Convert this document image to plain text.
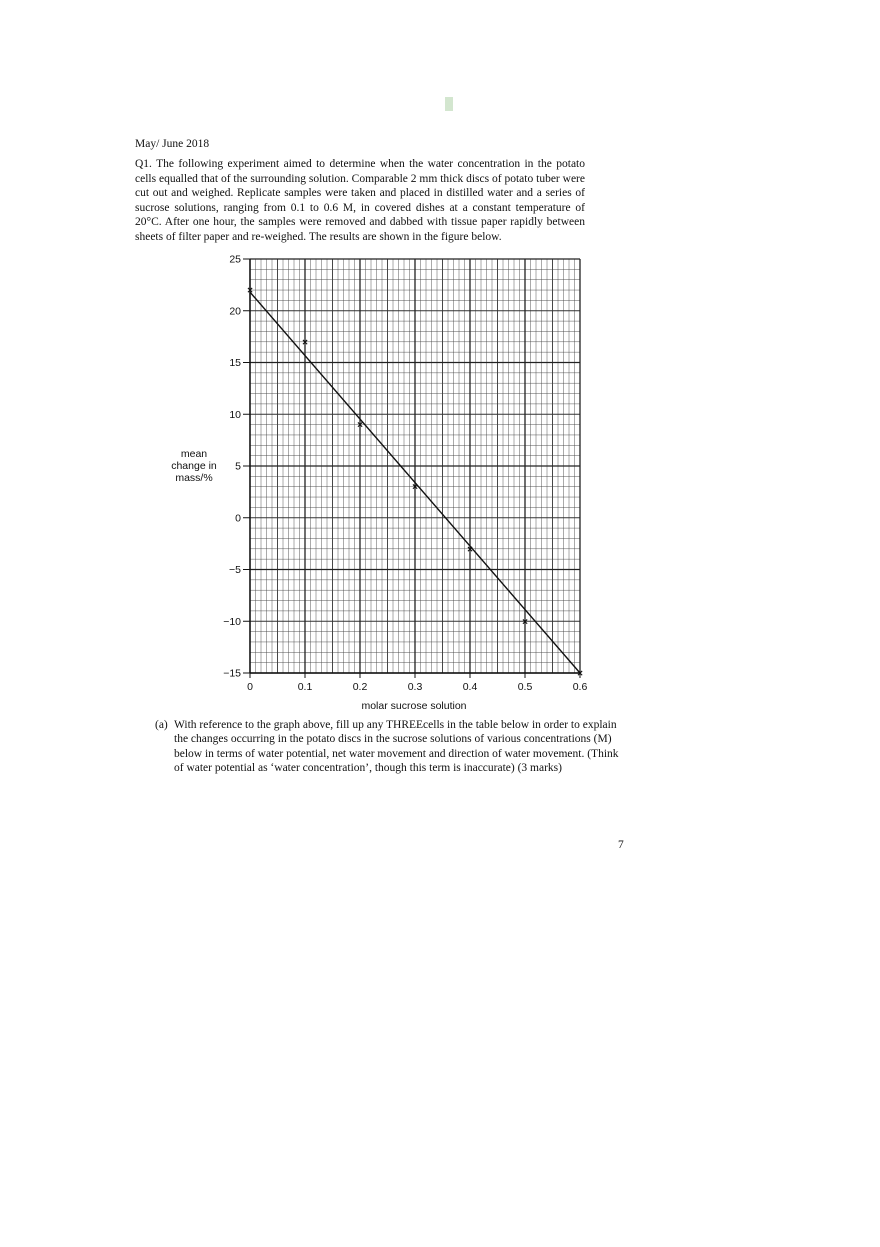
May/ June 2018

Q1. The following experiment aimed to determine when the water concentration in the potato cells equalled that of the surrounding solution. Comparable 2 mm thick discs of potato tuber were cut out and weighed. Replicate samples were taken and placed in distilled water and a series of sucrose solutions, ranging from 0.1 to 0.6 M, in covered dishes at a constant temperature of 20°C. After one hour, the samples were removed and dabbed with tissue paper rapidly between sheets of filter paper and re-weighed. The results are shown in the figure below.

−15
−10
−5
0
5
10
15
20
25
0	0.1	0.2	0.3	0.4	0.5	0.6
×
×
×
×
×
×
×
mean
change in
mass/%
molar sucrose solution
(a) With reference to the graph above, fill up any THREEcells in the table below in order to explain the changes occurring in the potato discs in the sucrose solutions of various concentrations (M) below in terms of water potential, net water movement and direction of water movement. (Think of water potential as ‘water concentration’, though this term is inaccurate) (3 marks)
7
